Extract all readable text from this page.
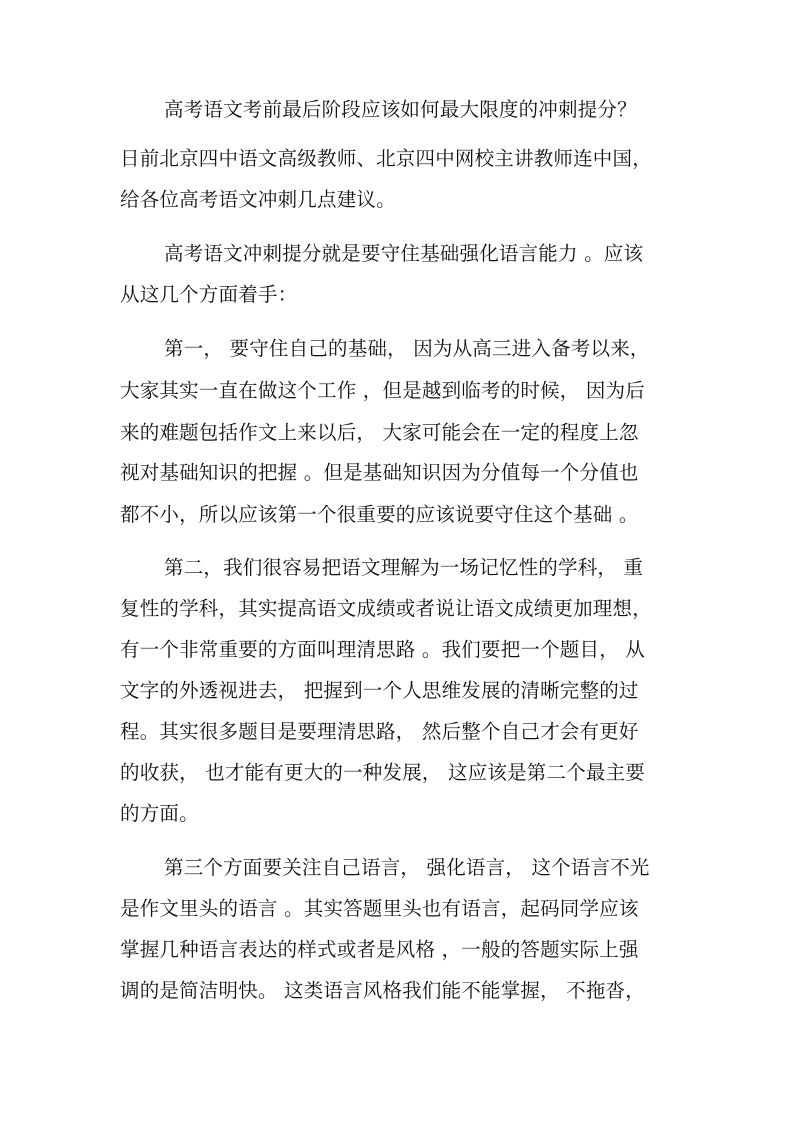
高考语文考前最后阶段应该如何最大限度的冲刺提分？
日前北京四中语文高级教师、北京四中网校主讲教师连中国，
给各位高考语文冲刺几点建议。
高考语文冲刺提分就是要守住基础强化语言能力 。应该
从这几个方面着手：
第一， 要守住自己的基础， 因为从高三进入备考以来，
大家其实一直在做这个工作 ，但是越到临考的时候， 因为后
来的难题包括作文上来以后， 大家可能会在一定的程度上忽
视对基础知识的把握 。但是基础知识因为分值每一个分值也
都不小，所以应该第一个很重要的应该说要守住这个基础 。
第二，我们很容易把语文理解为一场记忆性的学科， 重
复性的学科，其实提高语文成绩或者说让语文成绩更加理想，
有一个非常重要的方面叫理清思路 。我们要把一个题目， 从
文字的外透视进去， 把握到一个人思维发展的清晰完整的过
程。其实很多题目是要理清思路， 然后整个自己才会有更好
的收获， 也才能有更大的一种发展， 这应该是第二个最主要
的方面。
第三个方面要关注自己语言， 强化语言， 这个语言不光
是作文里头的语言 。其实答题里头也有语言，起码同学应该
掌握几种语言表达的样式或者是风格 ，一般的答题实际上强
调的是简洁明快。 这类语言风格我们能不能掌握， 不拖沓，
